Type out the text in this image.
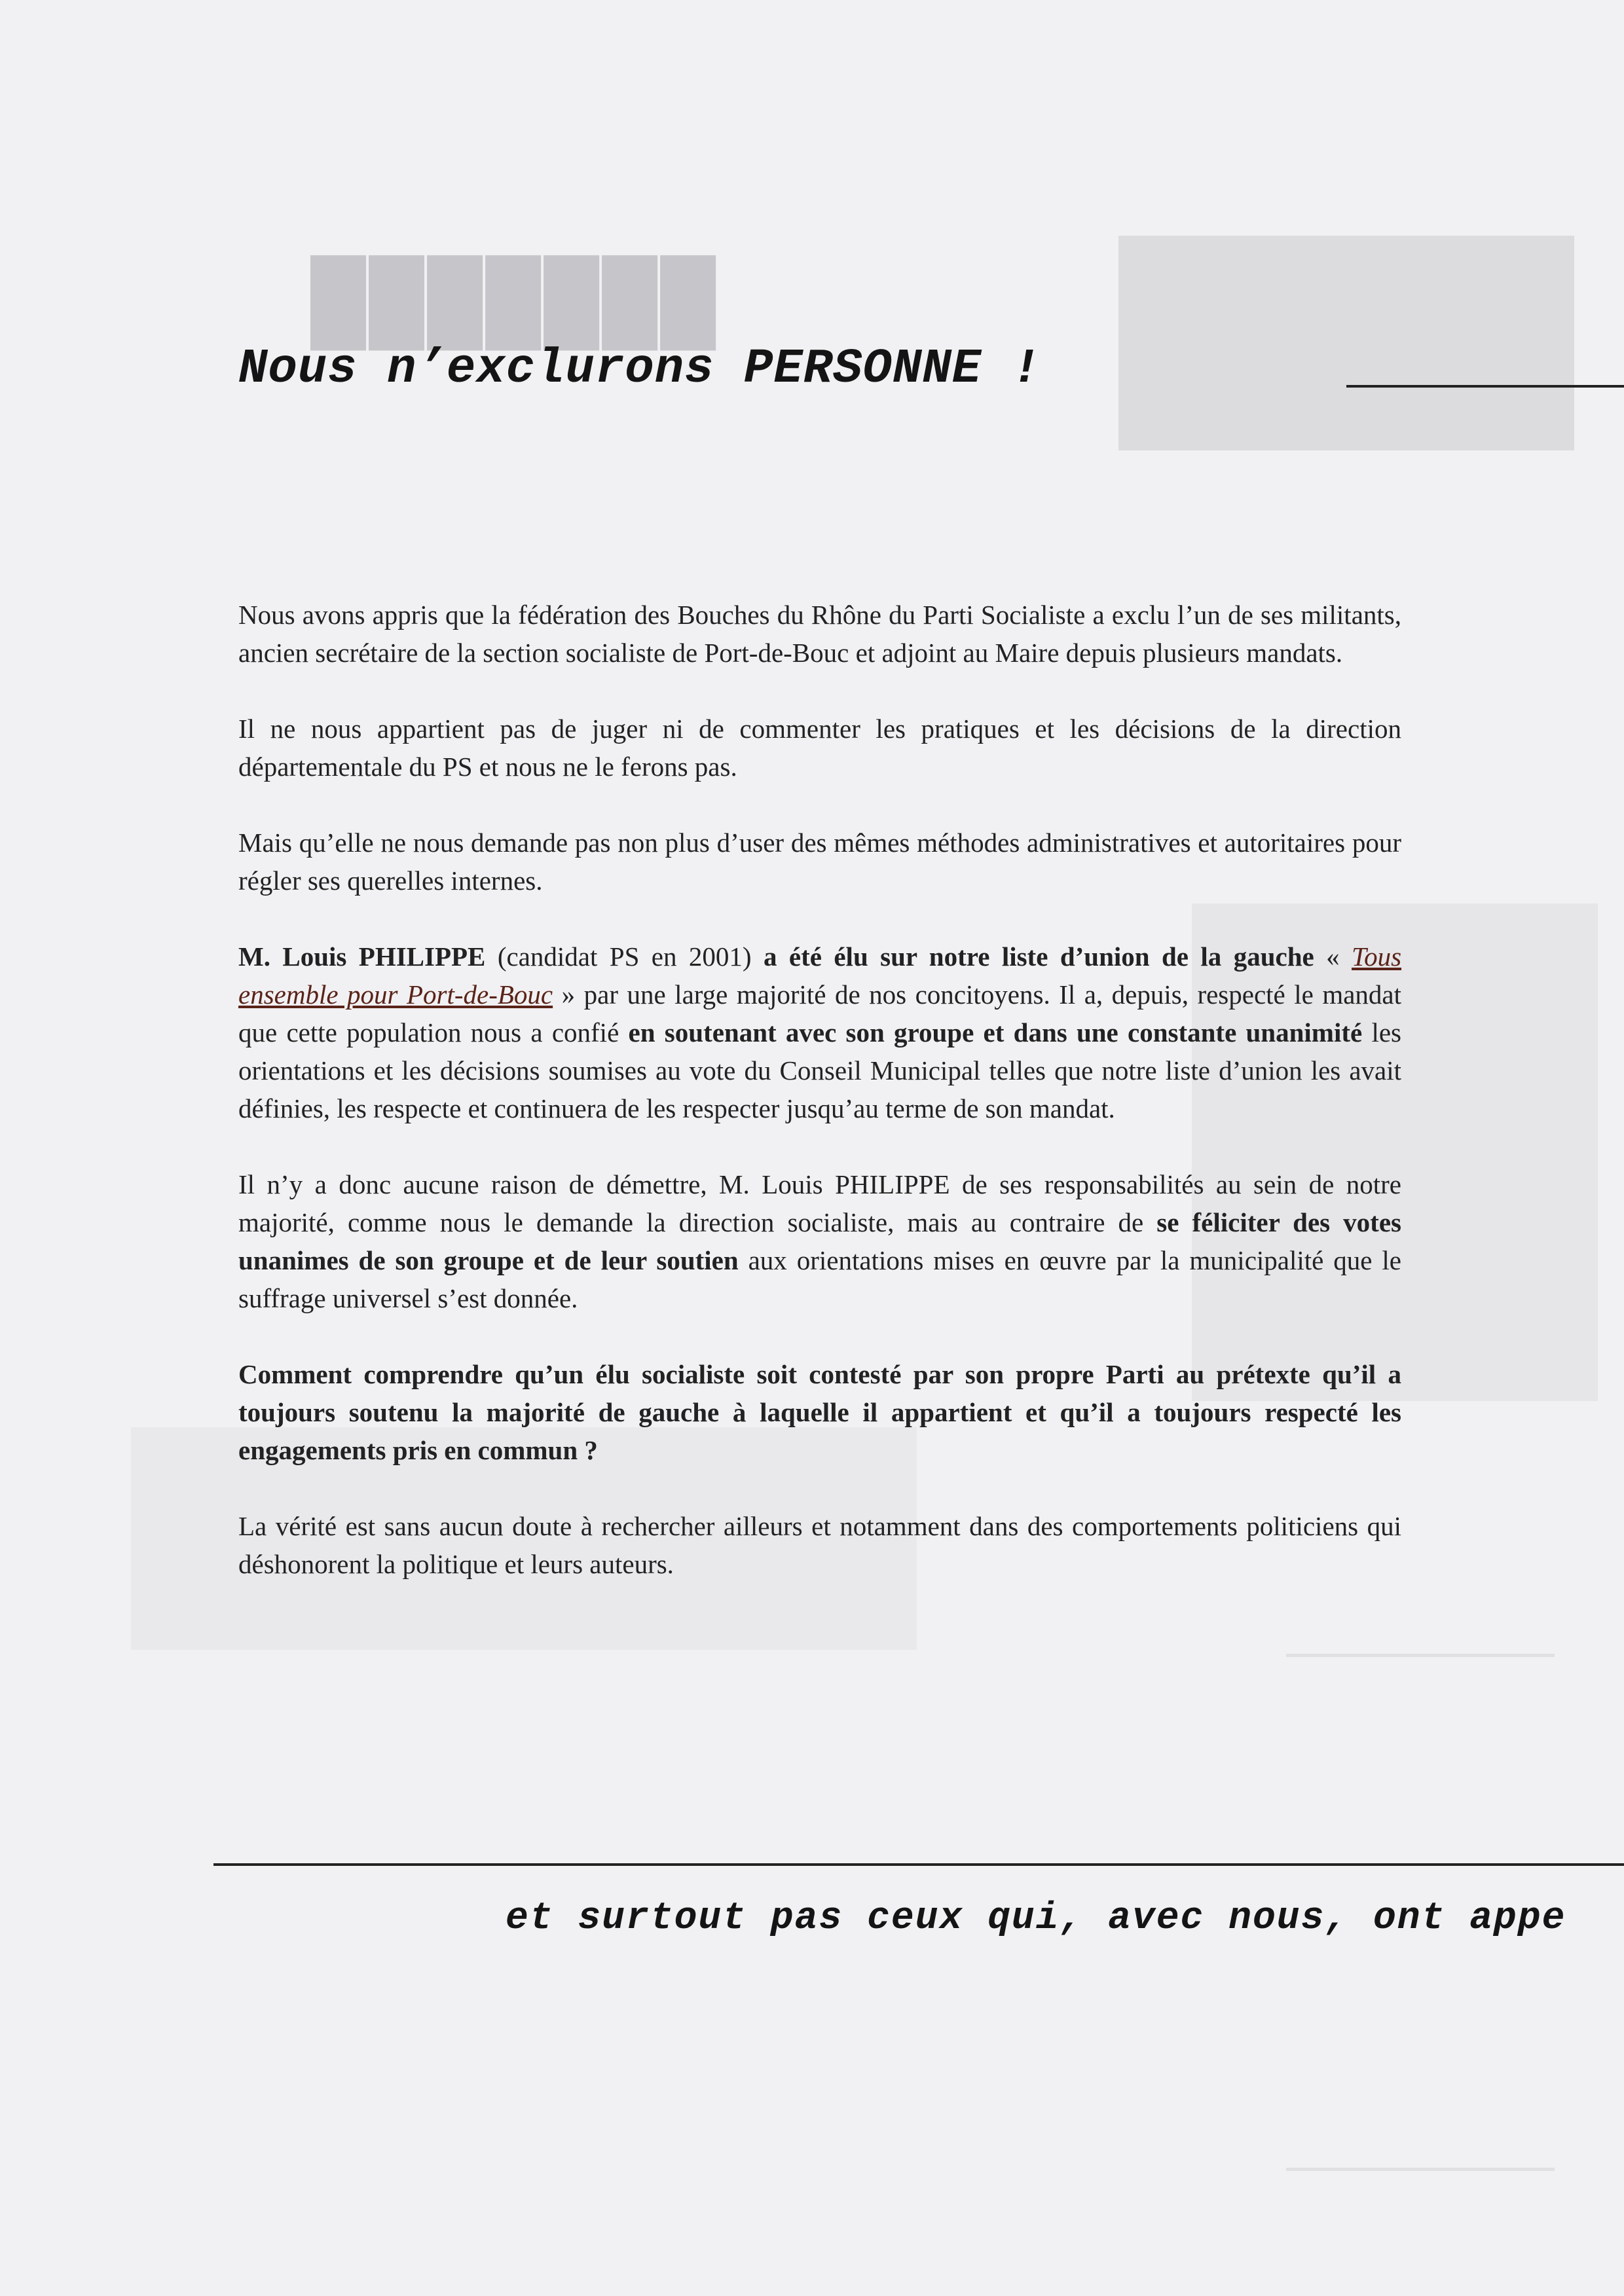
███████
Nous n’exclurons PERSONNE !

Nous avons appris que la fédération des Bouches du Rhône du Parti Socialiste a exclu l’un de ses militants, ancien secrétaire de la section socialiste de Port-de-Bouc et adjoint au Maire depuis plusieurs mandats.

Il ne nous appartient pas de juger ni de commenter les pratiques et les décisions de la direction départementale du PS et nous ne le ferons pas.

Mais qu’elle ne nous demande pas non plus d’user des mêmes méthodes administratives et autoritaires pour régler ses querelles internes.

M. Louis PHILIPPE (candidat PS en 2001) a été élu sur notre liste d’union de la gauche « Tous ensemble pour Port-de-Bouc » par une large majorité de nos concitoyens. Il a, depuis, respecté le mandat que cette population nous a confié en soutenant avec son groupe et dans une constante unanimité les orientations et les décisions soumises au vote du Conseil Municipal telles que notre liste d’union les avait définies, les respecte et continuera de les respecter jusqu’au terme de son mandat.

Il n’y a donc aucune raison de démettre, M. Louis PHILIPPE de ses responsabilités au sein de notre majorité, comme nous le demande la direction socialiste, mais au contraire de se féliciter des votes unanimes de son groupe et de leur soutien aux orientations mises en œuvre par la municipalité que le suffrage universel s’est donnée.

Comment comprendre qu’un élu socialiste soit contesté par son propre Parti au prétexte qu’il a toujours soutenu la majorité de gauche à laquelle il appartient et qu’il a toujours respecté les engagements pris en commun ?

La vérité est sans aucun doute à rechercher ailleurs et notamment dans des comportements politiciens qui déshonorent la politique et leurs auteurs.

et surtout pas ceux qui, avec nous, ont appe
